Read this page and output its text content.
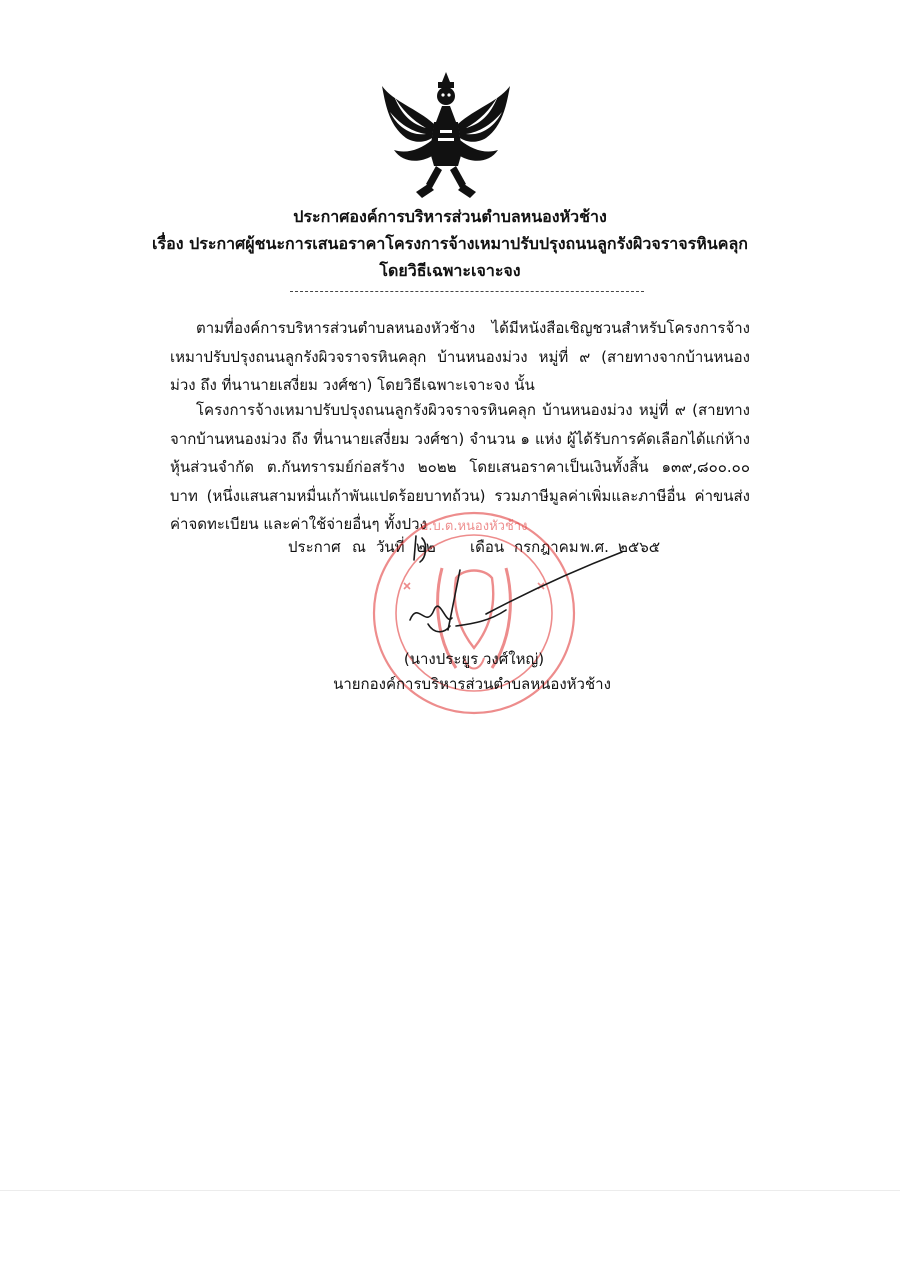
ประกาศองค์การบริหารส่วนตำบลหนองหัวช้าง
เรื่อง ประกาศผู้ชนะการเสนอราคาโครงการจ้างเหมาปรับปรุงถนนลูกรังผิวจราจรหินคลุก
โดยวิธีเฉพาะเจาะจง
ตามที่องค์การบริหารส่วนตำบลหนองหัวช้าง ได้มีหนังสือเชิญชวนสำหรับโครงการจ้างเหมาปรับปรุงถนนลูกรังผิวจราจรหินคลุก บ้านหนองม่วง หมู่ที่ ๙ (สายทางจากบ้านหนองม่วง ถึง ที่นานายเสงี่ยม วงศ์ชา) โดยวิธีเฉพาะเจาะจง นั้น
โครงการจ้างเหมาปรับปรุงถนนลูกรังผิวจราจรหินคลุก บ้านหนองม่วง หมู่ที่ ๙ (สายทางจากบ้านหนองม่วง ถึง ที่นานายเสงี่ยม วงศ์ชา) จำนวน ๑ แห่ง ผู้ได้รับการคัดเลือกได้แก่ห้างหุ้นส่วนจำกัด ต.กันทรารมย์ก่อสร้าง ๒๐๒๒ โดยเสนอราคาเป็นเงินทั้งสิ้น ๑๓๙,๘๐๐.๐๐ บาท (หนึ่งแสนสามหมื่นเก้าพันแปดร้อยบาทถ้วน) รวมภาษีมูลค่าเพิ่มและภาษีอื่น ค่าขนส่ง ค่าจดทะเบียน และค่าใช้จ่ายอื่นๆ ทั้งปวง
ประกาศ ณ วันที่ ๒๒ เดือน กรกฎาคม พ.ศ. ๒๕๖๕
อ.บ.ต.หนองหัวช้าง
(นางประยูร วงศ์ใหญ่)
นายกองค์การบริหารส่วนตำบลหนองหัวช้าง
